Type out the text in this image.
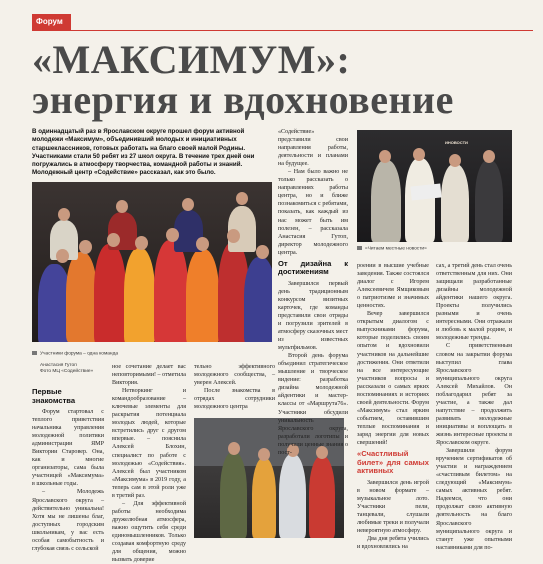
Форум
«МАКСИМУМ»:
энергия и вдохновение
В одиннадцатый раз в Ярославском округе прошел форум активной молодежи «Максимум», объединивший молодых и инициативных старшеклассников, готовых работать на благо своей малой Родины. Участниками стали 50 ребят из 27 школ округа. В течение трех дней они погружались в атмосферу творчества, командной работы и знаний. Молодежный центр «Содействие» рассказал, как это было.
Участники форума – одна команда
Анастасия Гутоп
Фото МЦ «Содействие»
Первые знакомства

Форум стартовал с теплого приветствия начальника управления молодежной политики администрации ЯМР Виктории Старовер. Она, как и многие организаторы, сама была участницей «Максимума» в школьные годы.

– Молодежь Ярославского округа – действительно уникальна! Хотя мы не лишены благ, доступных городским школьникам, у вас есть особая самобытность и глубокая связь с сельской

ное сочетание делает вас неповторимыми! – отметила Виктория.

Нетворкинг и командообразование – ключевые элементы для раскрытия потенциала молодых людей, которые встретились друг с другом впервые. – пояснила Алексей Блохин, специалист по работе с молодежью «Содействия». Алексей был участником «Максимума» в 2019 году, а теперь сам в этой роли уже в третий раз.

– Для эффективной работы необходима дружелюбная атмосфера, важно ощутить себя среди единомышленников. Только создавая комфортную среду для общения, можно вызвать доверие

тельно эффективного молодежного сообщества, – уверен Алексей.

После знакомства в отрядах сотрудники молодежного центра

«Содействие» представили свои направления работы, деятельности и планами на будущее.

– Нам было важно не только рассказать о направлениях работы центра, но и ближе познакомиться с ребятами, показать, как каждый из нас может быть им полезен, – рассказала Анастасия Гутоп, директор молодежного центра.

От дизайна к достижениям

Завершился первый день традиционным конкурсом визитных карточек, где команды представили свои отряды и погрузили зрителей в атмосферу сказочных мест из известных мультфильмов.

Второй день форума объединил стратегическое мышление и творческое видение: разработка дизайна молодежной айдентики и мастер-классы от «Маршрута76». Участники обсудили уникальность Ярославского округа, разработали логотипы и получили ценные знания о пост-

ИНОВОСТИ
«Читаем местные новости»

роении в высшие учебные заведения. Также состоялся диалог с Игорем Алексеевичем Ямщиковым о патриотизме и значимых ценностях.

Вечер завершился открытым диалогом с выпускниками форума, которые поделились своим опытом и вдохновили участников на дальнейшие достижения. Они ответили на все интересующие участников вопросы и рассказали о самых ярких воспоминаниях и историях своей деятельности. Форум «Максимум» стал ярким событием, оставившим теплые воспоминания и заряд энергии для новых свершений!

«Счастливый билет» для самых активных

Завершился день игрой в новом формате – музыкальное лото. Участники пели, танцевали, слушали любимые треки и получали невероятную атмосферу.

Два дня ребята учились и вдохновлялись на

сах, а третий день стал очень ответственным для них. Они защищали разработанные дизайны молодежной айдентики нашего округа. Проекты получились разными и очень интересными. Они отражали и любовь к малой родине, и молодежные тренды.

С приветственным словом на закрытии форума выступил глава Ярославского муниципального округа Алексей Михайлов. Он поблагодарил ребят за участие, а также дал напутствие – продолжить развивать молодежные инициативы и воплощать в жизнь интересные проекты в Ярославском округе.

Завершили форум вручением сертификатов об участии и награждением «счастливым билетом» на следующий «Максимум» самых активных ребят. Надеемся, что они продолжат свою активную деятельность на благо Ярославского муниципального округа и станут уже опытными наставниками для по-
